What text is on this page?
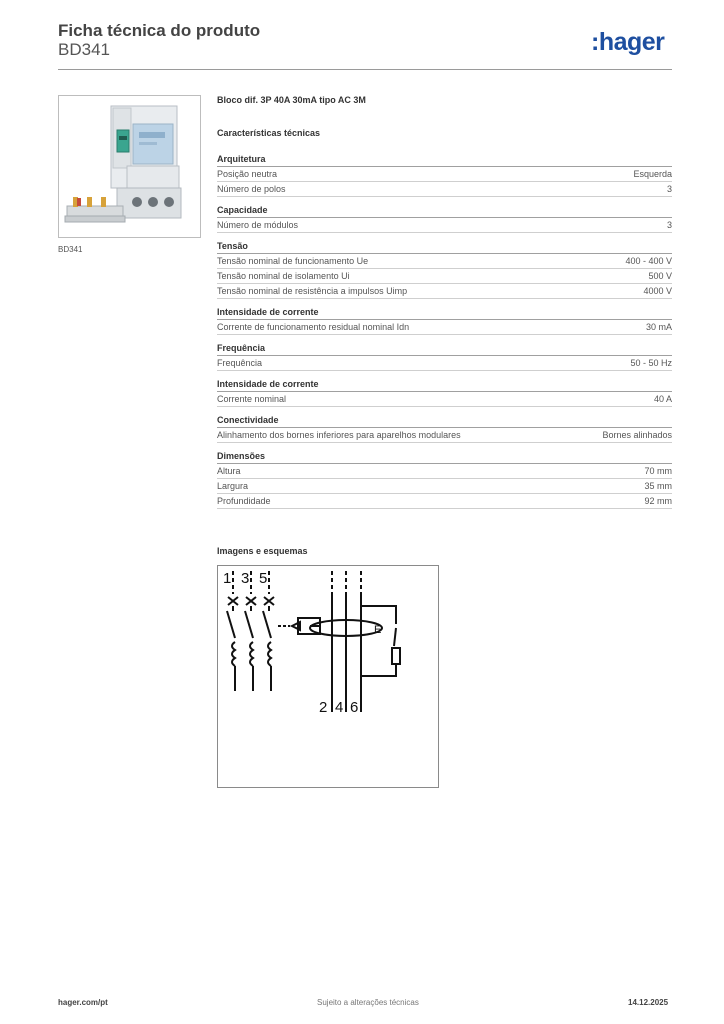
Ficha técnica do produto
BD341	:hager
BD341
Bloco dif. 3P 40A 30mA tipo AC 3M
Características técnicas
Arquitetura
Posição neutra	Esquerda
Número de polos	3
Capacidade
Número de módulos	3
Tensão
Tensão nominal de funcionamento Ue	400 - 400 V
Tensão nominal de isolamento Ui	500 V
Tensão nominal de resistência a impulsos Uimp	4000 V
Intensidade de corrente
Corrente de funcionamento residual nominal Idn	30 mA
Frequência
Frequência	50 - 50 Hz
Intensidade de corrente
Corrente nominal	40 A
Conectividade
Alinhamento dos bornes inferiores para aparelhos modulares	Bornes alinhados
Dimensões
Altura	70 mm
Largura	35 mm
Profundidade	92 mm
Imagens e esquemas
1 3 5
E
2 4 6
hager.com/pt	Sujeito a alterações técnicas	14.12.2025
